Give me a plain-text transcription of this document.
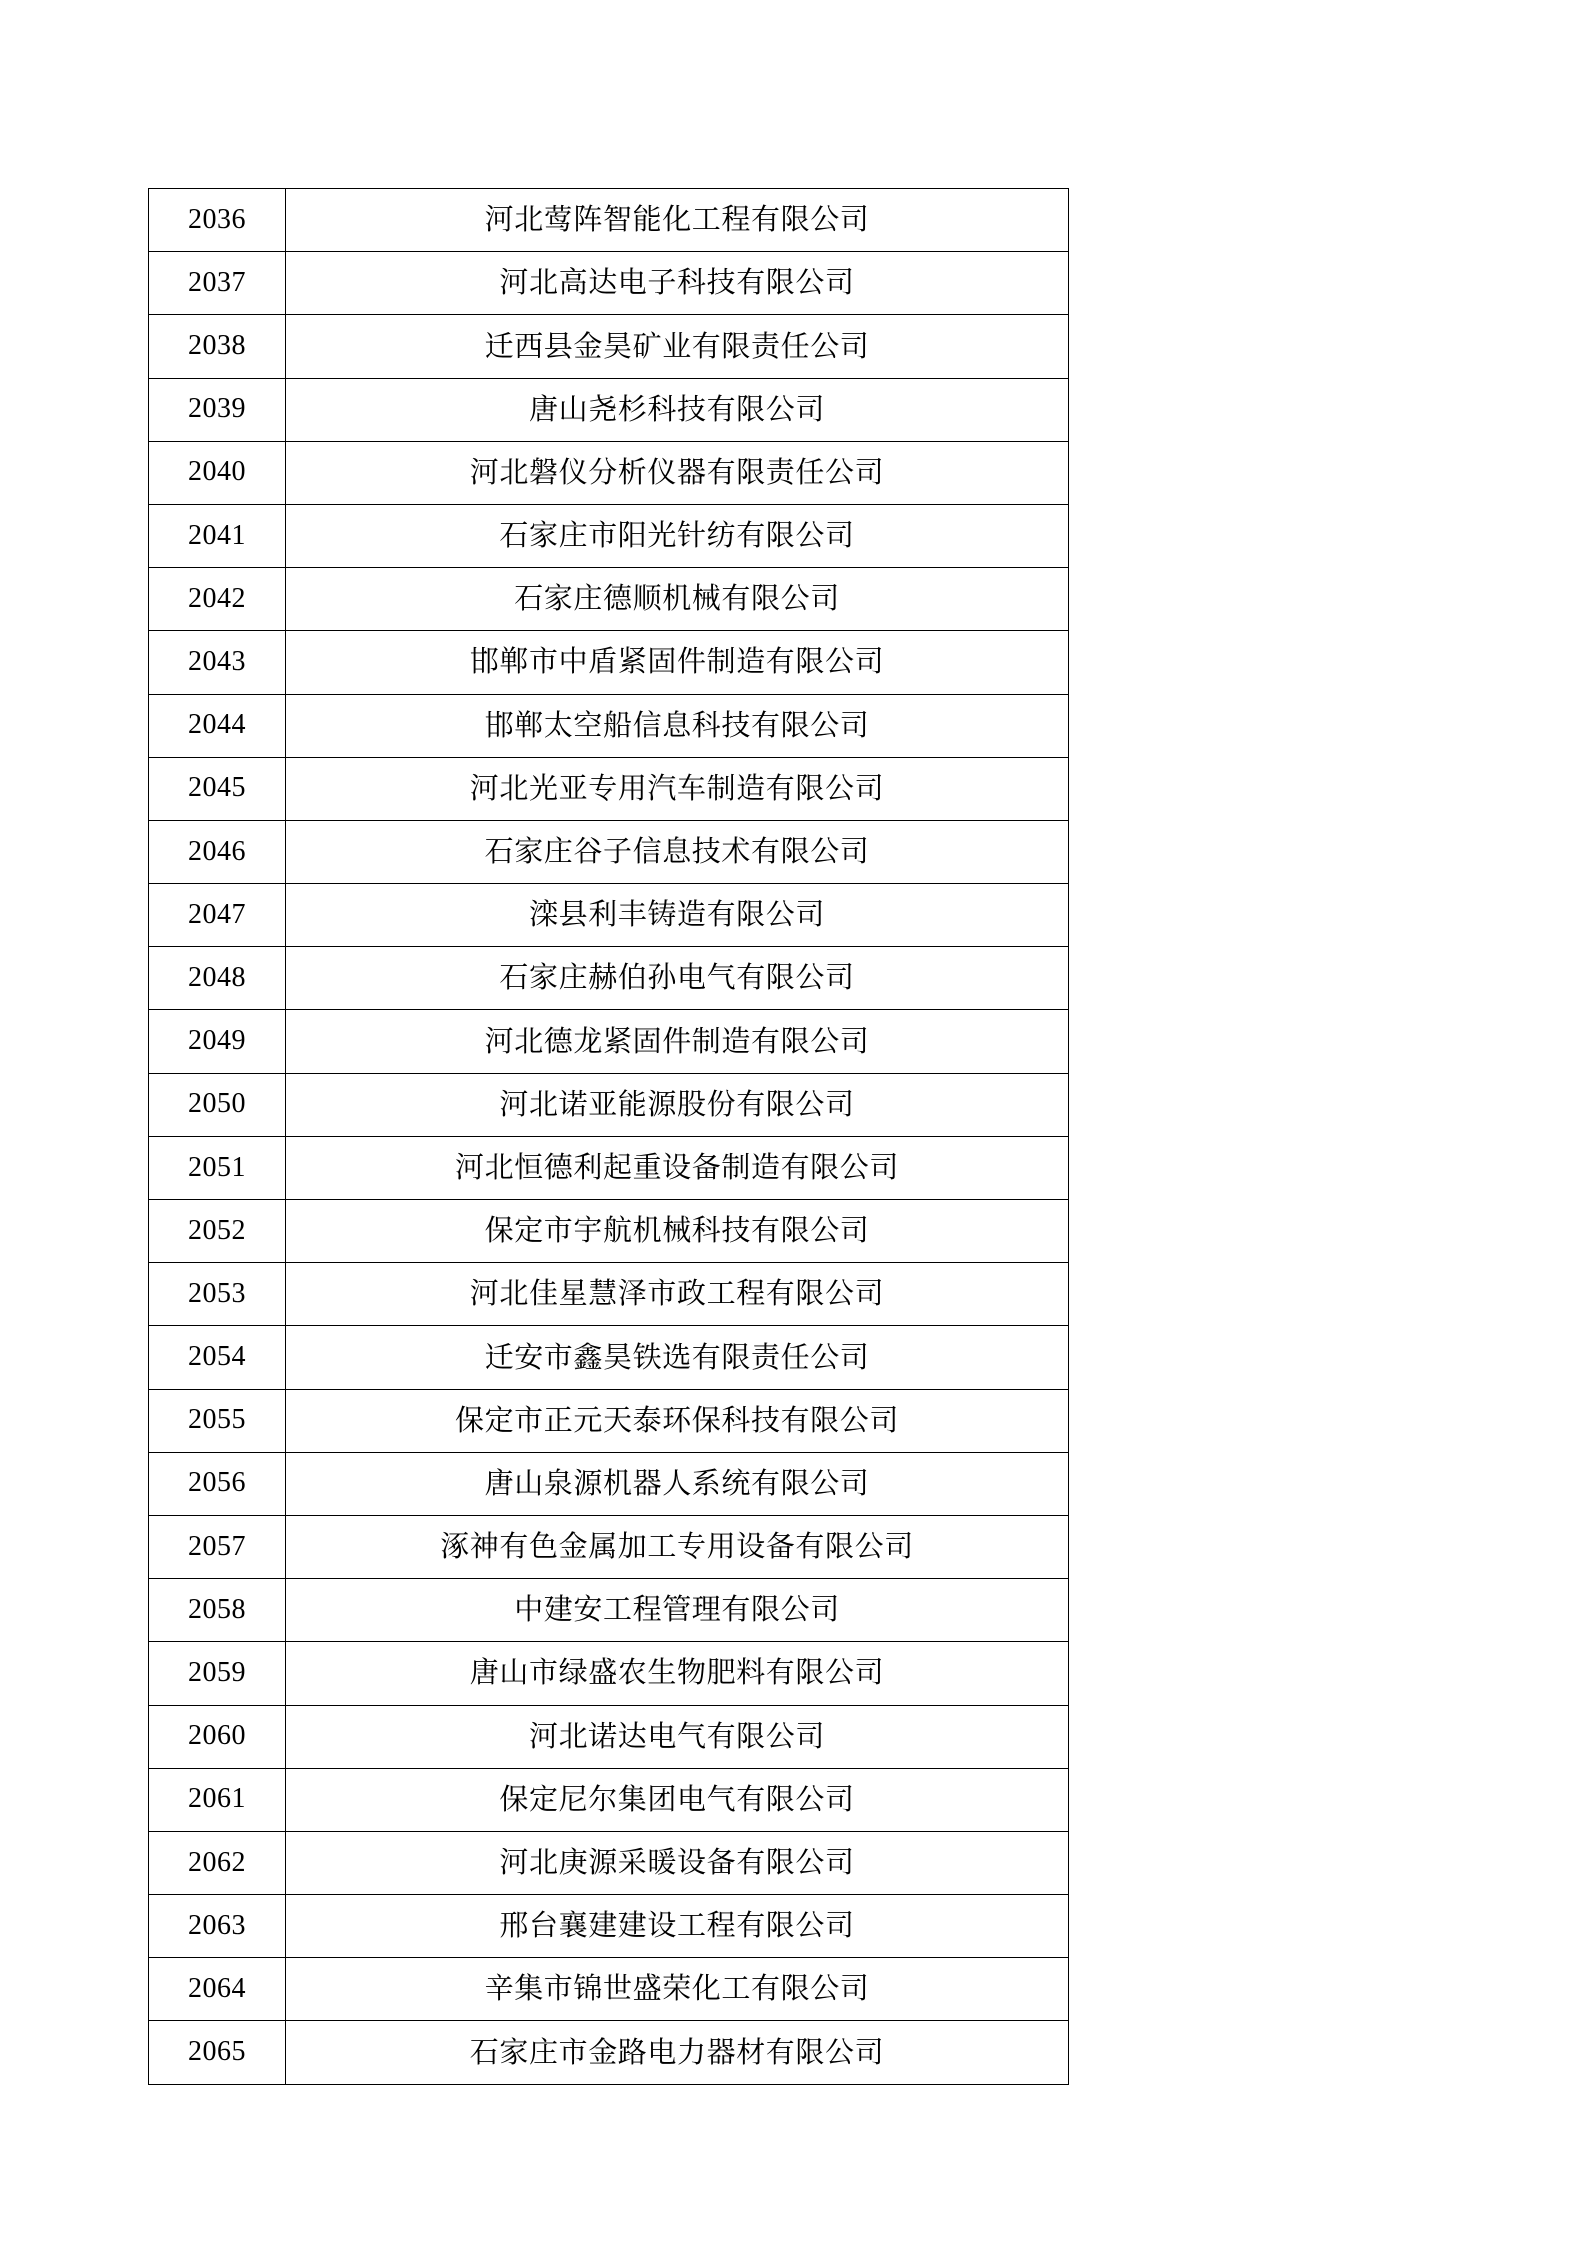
2036	河北莺阵智能化工程有限公司
2037	河北高达电子科技有限公司
2038	迁西县金昊矿业有限责任公司
2039	唐山尧杉科技有限公司
2040	河北磐仪分析仪器有限责任公司
2041	石家庄市阳光针纺有限公司
2042	石家庄德顺机械有限公司
2043	邯郸市中盾紧固件制造有限公司
2044	邯郸太空船信息科技有限公司
2045	河北光亚专用汽车制造有限公司
2046	石家庄谷子信息技术有限公司
2047	滦县利丰铸造有限公司
2048	石家庄赫伯孙电气有限公司
2049	河北德龙紧固件制造有限公司
2050	河北诺亚能源股份有限公司
2051	河北恒德利起重设备制造有限公司
2052	保定市宇航机械科技有限公司
2053	河北佳星慧泽市政工程有限公司
2054	迁安市鑫昊铁选有限责任公司
2055	保定市正元天泰环保科技有限公司
2056	唐山泉源机器人系统有限公司
2057	涿神有色金属加工专用设备有限公司
2058	中建安工程管理有限公司
2059	唐山市绿盛农生物肥料有限公司
2060	河北诺达电气有限公司
2061	保定尼尔集团电气有限公司
2062	河北庚源采暖设备有限公司
2063	邢台襄建建设工程有限公司
2064	辛集市锦世盛荣化工有限公司
2065	石家庄市金路电力器材有限公司
